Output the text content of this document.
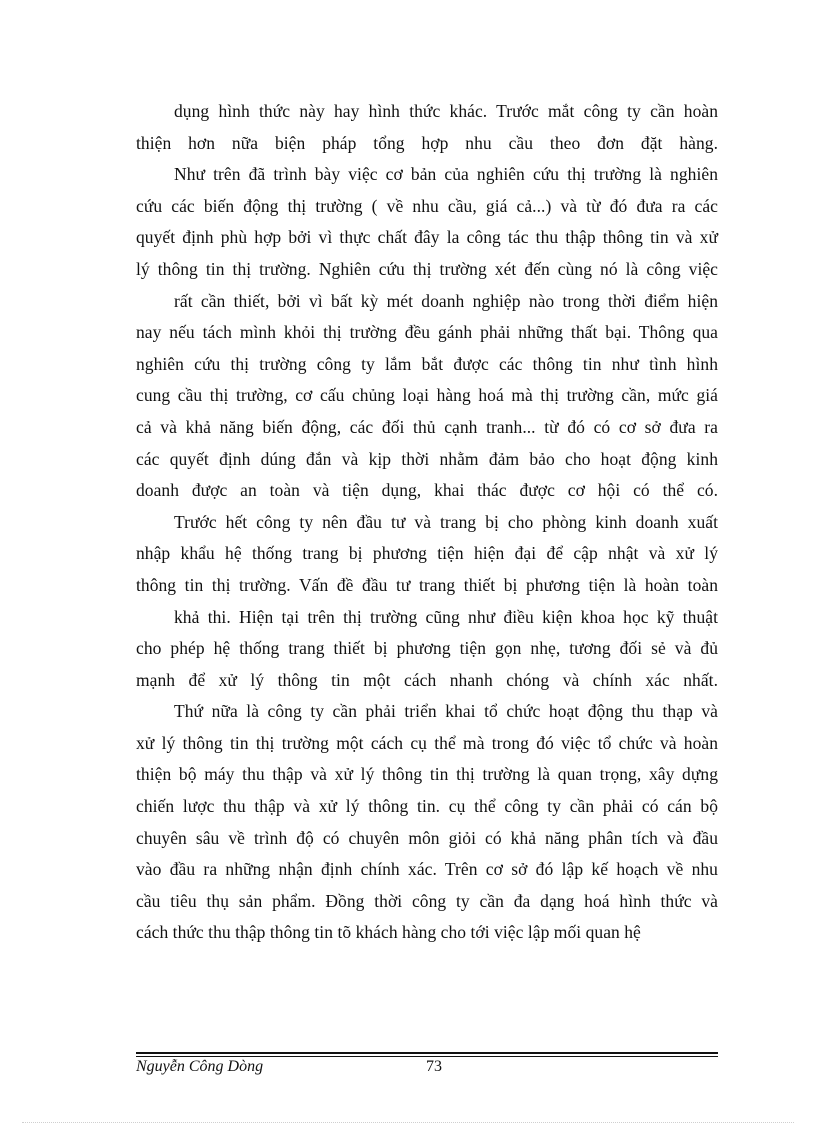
dụng hình thức này hay hình thức khác. Trước mắt công ty cần hoàn
thiện hơn nữa biện pháp tổng hợp nhu cầu theo đơn đặt hàng.
Như trên đã trình bày việc cơ bản của nghiên cứu thị trường là nghiên
cứu các biến động thị trường ( về nhu cầu, giá cả...) và từ đó đưa ra các
quyết định phù hợp bởi vì thực chất đây la công tác thu thập thông tin và xử
lý thông tin thị trường. Nghiên cứu thị trường xét đến cùng nó là công việc
rất cần thiết, bởi vì bất kỳ mét doanh nghiệp nào trong thời điểm hiện
nay nếu tách mình khỏi thị trường đều gánh phải những thất bại. Thông qua
nghiên cứu thị trường công ty lắm bắt được các thông tin như tình hình
cung cầu thị trường, cơ cấu chủng loại hàng hoá mà thị trường cần, mức giá
cả và khả năng biến động, các đối thủ cạnh tranh... từ đó có cơ sở đưa ra
các quyết định dúng đắn và kịp thời nhằm đảm bảo cho hoạt động kinh
doanh được an toàn và tiện dụng, khai thác được cơ hội có thể có.
Trước hết công ty nên đầu tư và trang bị cho phòng kinh doanh xuất
nhập khẩu hệ thống trang bị phương tiện hiện đại để cập nhật và xử lý
thông tin thị trường. Vấn đề đầu tư trang thiết bị phương tiện là hoàn toàn
khả thi. Hiện tại trên thị trường cũng như điều kiện khoa học kỹ thuật
cho phép hệ thống trang thiết bị phương tiện gọn nhẹ, tương đối sẻ và đủ
mạnh để xử lý thông tin một cách nhanh chóng và chính xác nhất.
Thứ nữa là công ty cần phải triển khai tổ chức hoạt động thu thạp và
xử lý thông tin thị trường một cách cụ thể mà trong đó việc tổ chức và hoàn
thiện bộ máy thu thập và xử lý thông tin thị trường là quan trọng, xây dựng
chiến lược thu thập và xử lý thông tin. cụ thể công ty cần phải có cán bộ
chuyên sâu về trình độ có chuyên môn giỏi có khả năng phân tích và đầu
vào đầu ra những nhận định chính xác. Trên cơ sở đó lập kế hoạch về nhu
cầu tiêu thụ sản phẩm. Đồng thời công ty cần đa dạng hoá hình thức và
cách thức thu thập thông tin tõ khách hàng cho tới việc lập mối quan hệ
Nguyễn Công Dòng	73
